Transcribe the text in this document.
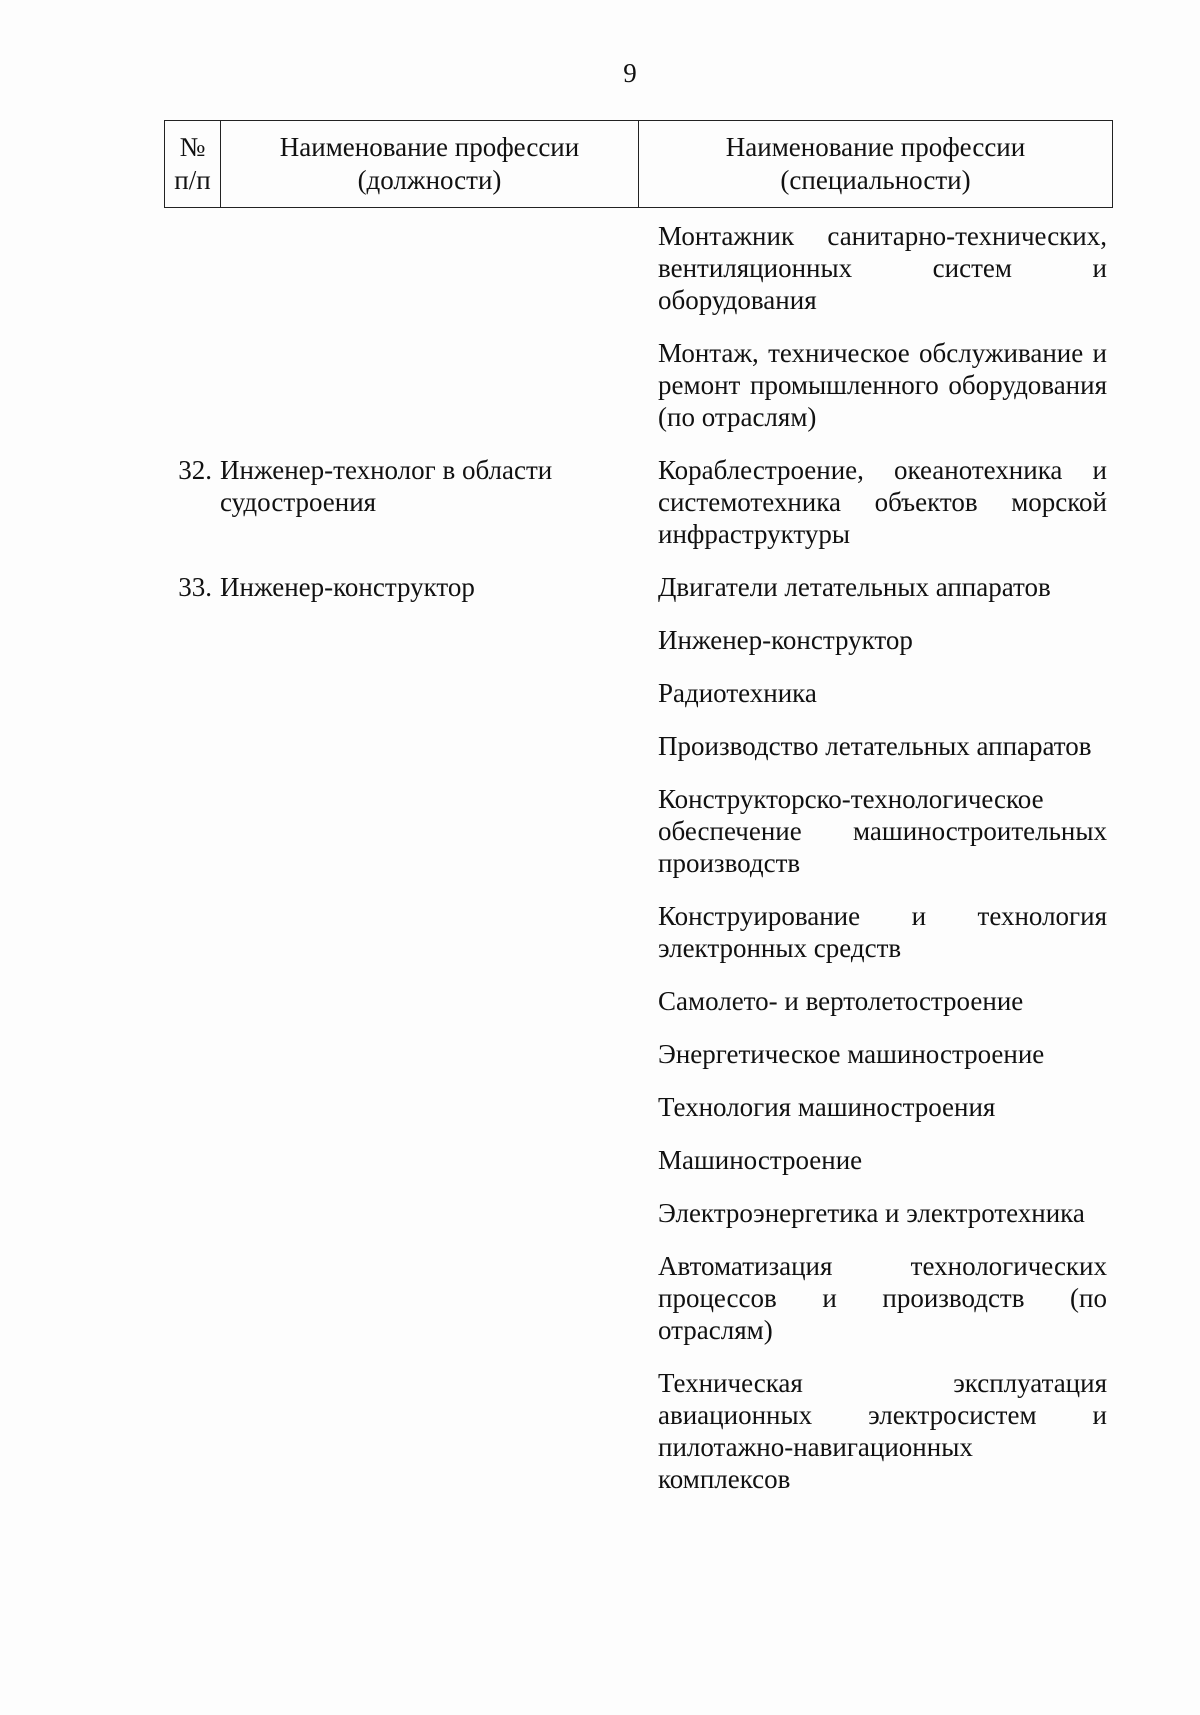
9
№
п/п
Наименование профессии
(должности)
Наименование профессии
(специальности)
Монтажник санитарно-технических, вентиляционных систем и оборудования
Монтаж, техническое обслуживание и ремонт промышленного оборудования (по отраслям)
32. Инженер-технолог в области судостроения
Кораблестроение, океанотехника и системотехника объектов морской инфраструктуры
33. Инженер-конструктор	Двигатели летательных аппаратов
Инженер-конструктор
Радиотехника
Производство летательных аппаратов
Конструкторско-технологическое обеспечение машиностроительных производств
Конструирование и технология электронных средств
Самолето- и вертолетостроение
Энергетическое машиностроение
Технология машиностроения
Машиностроение
Электроэнергетика и электротехника
Автоматизация технологических процессов и производств (по отраслям)
Техническая эксплуатация авиационных электросистем и пилотажно-навигационных комплексов
